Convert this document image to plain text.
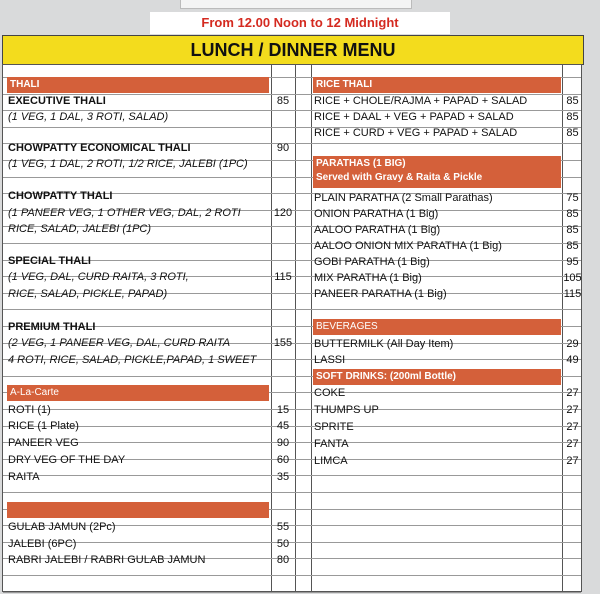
From 12.00 Noon to 12 Midnight
LUNCH / DINNER MENU
THALI
EXECUTIVE THALI	85
(1 VEG, 1 DAL, 3 ROTI, SALAD)
CHOWPATTY ECONOMICAL THALI	90
(1 VEG, 1 DAL, 2 ROTI, 1/2 RICE, JALEBI (1PC)
CHOWPATTY THALI
(1 PANEER VEG, 1 OTHER VEG, DAL, 2 ROTI	120
RICE, SALAD, JALEBI (1PC)
SPECIAL THALI
(1 VEG, DAL, CURD RAITA, 3 ROTI,	115
RICE, SALAD, PICKLE, PAPAD)
PREMIUM THALI
(2 VEG, 1 PANEER VEG, DAL, CURD RAITA	155
4 ROTI, RICE, SALAD, PICKLE,PAPAD, 1 SWEET
A-La-Carte
ROTI (1)	15
RICE (1 Plate)	45
PANEER VEG	90
DRY VEG OF THE DAY	60
RAITA	35
GULAB JAMUN (2Pc)	55
JALEBI (6PC)	50
RABRI JALEBI / RABRI GULAB JAMUN	80
RICE THALI
RICE + CHOLE/RAJMA + PAPAD + SALAD	85
RICE + DAAL + VEG + PAPAD + SALAD	85
RICE + CURD + VEG + PAPAD + SALAD	85
PARATHAS (1 BIG)
Served with Gravy & Raita & Pickle
PLAIN PARATHA (2 Small Parathas)	75
ONION PARATHA (1 Big)	85
AALOO PARATHA (1 Big)	85
AALOO ONION MIX PARATHA (1 Big)	85
GOBI PARATHA (1 Big)	95
MIX PARATHA (1 Big)	105
PANEER PARATHA (1 Big)	115
BEVERAGES
BUTTERMILK (All Day Item)	29
LASSI	49
SOFT DRINKS: (200ml Bottle)
COKE	27
THUMPS UP	27
SPRITE	27
FANTA	27
LIMCA	27
